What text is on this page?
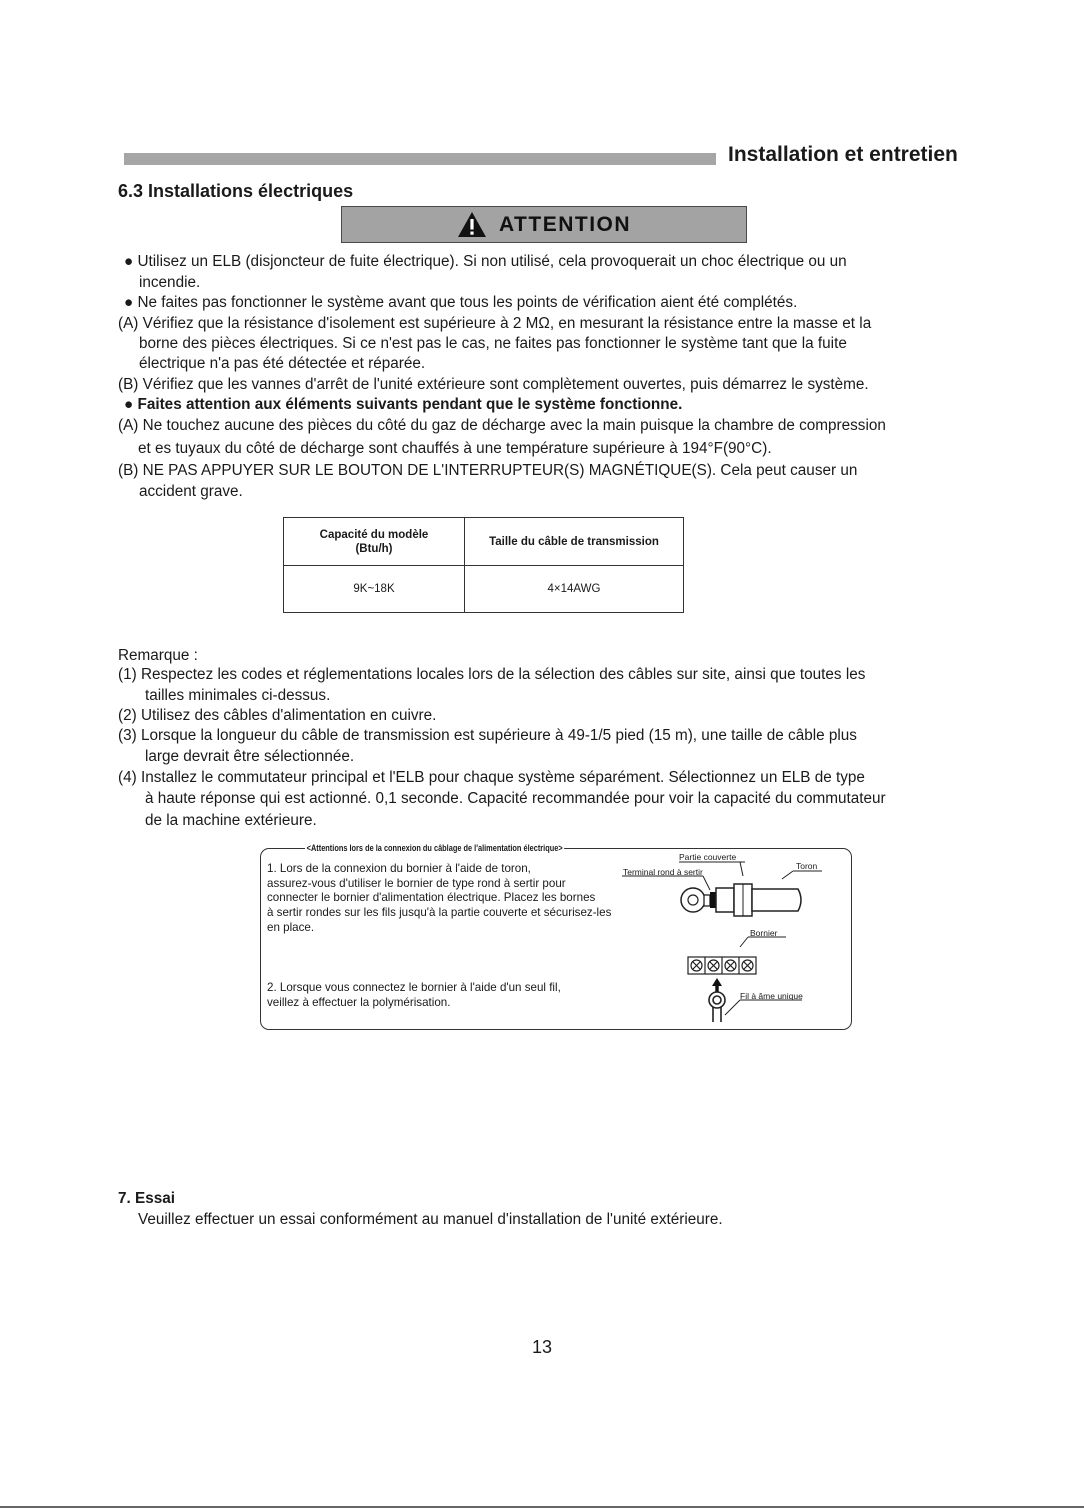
Installation et entretien
6.3 Installations électriques
ATTENTION
● Utilisez un ELB (disjoncteur de fuite électrique). Si non utilisé, cela provoquerait un choc électrique ou un
incendie.
● Ne faites pas fonctionner le système avant que tous les points de vérification aient été complétés.
(A) Vérifiez que la résistance d'isolement est supérieure à 2 MΩ, en mesurant la résistance entre la masse et la
borne des pièces électriques. Si ce n'est pas le cas, ne faites pas fonctionner le système tant que la fuite
électrique n'a pas été détectée et réparée.
(B) Vérifiez que les vannes d'arrêt de l'unité extérieure sont complètement ouvertes, puis démarrez le système.
● Faites attention aux éléments suivants pendant que le système fonctionne.
(A) Ne touchez aucune des pièces du côté du gaz de décharge avec la main puisque la chambre de compression
et es tuyaux du côté de décharge sont chauffés à une température supérieure à 194°F(90°C).
(B) NE PAS APPUYER SUR LE BOUTON DE L'INTERRUPTEUR(S) MAGNÉTIQUE(S). Cela peut causer un
accident grave.
Capacité du modèle
(Btu/h)	Taille du câble de transmission
9K~18K	4×14AWG
Remarque :
(1) Respectez les codes et réglementations locales lors de la sélection des câbles sur site, ainsi que toutes les
tailles minimales ci-dessus.
(2) Utilisez des câbles d'alimentation en cuivre.
(3) Lorsque la longueur du câble de transmission est supérieure à 49-1/5 pied (15 m), une taille de câble plus
large devrait être sélectionnée.
(4) Installez le commutateur principal et l'ELB pour chaque système séparément. Sélectionnez un ELB de type
à haute réponse qui est actionné. 0,1 seconde. Capacité recommandée pour voir la capacité du commutateur
de la machine extérieure.
<Attentions lors de la connexion du câblage de l'alimentation électrique>
1. Lors de la connexion du bornier à l'aide de toron,
assurez-vous d'utiliser le bornier de type rond à sertir pour
connecter le bornier d'alimentation électrique. Placez les bornes
à sertir rondes sur les fils jusqu'à la partie couverte et sécurisez-les
en place.
2. Lorsque vous connectez le bornier à l'aide d'un seul fil,
veillez à effectuer la polymérisation.
Partie couverte
Terminal rond à sertir
Toron
Bornier
Fil à âme unique
7. Essai
Veuillez effectuer un essai conformément au manuel d'installation de l'unité extérieure.
13
